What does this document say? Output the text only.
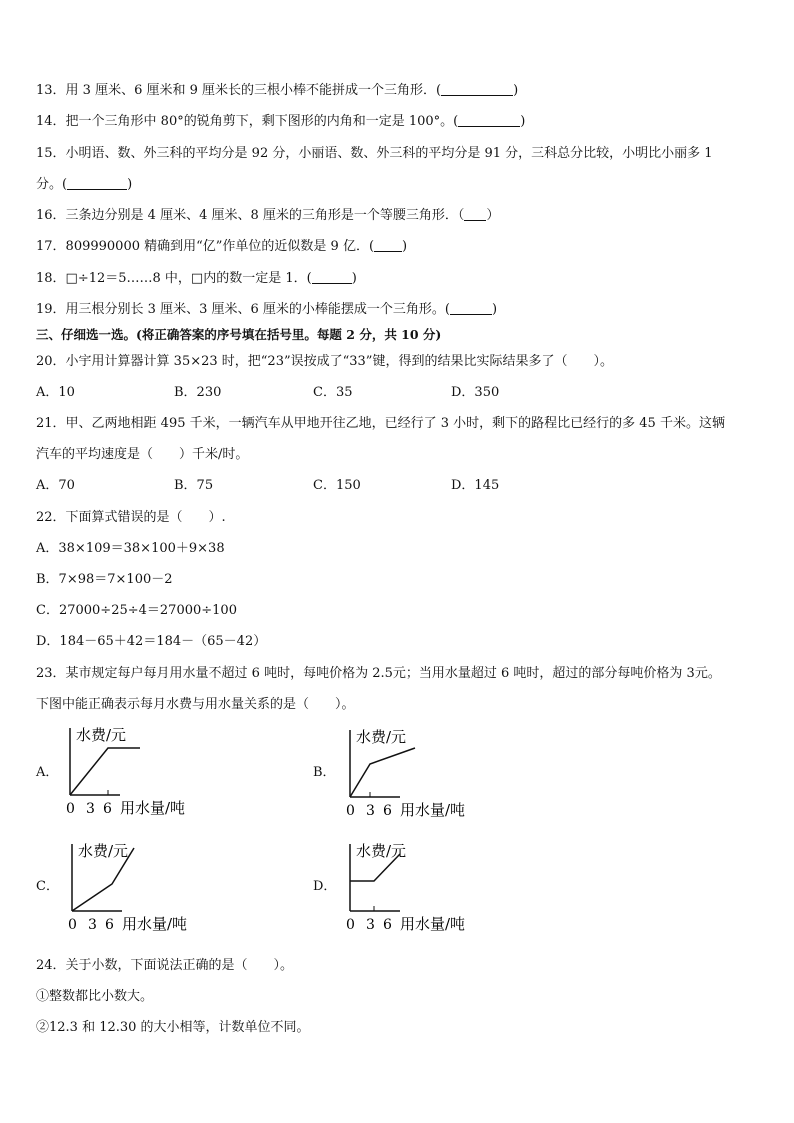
13．用 3 厘米、6 厘米和 9 厘米长的三根小棒不能拼成一个三角形．(	)
14．把一个三角形中 80°的锐角剪下，剩下图形的内角和一定是 100°。(	)
15．小明语、数、外三科的平均分是 92 分，小丽语、数、外三科的平均分是 91 分，三科总分比较，小明比小丽多 1
分。(	)
16．三条边分别是 4 厘米、4 厘米、8 厘米的三角形是一个等腰三角形．（ ）
17．809990000 精确到用“亿”作单位的近似数是 9 亿．( )
18．□÷12＝5……8 中，□内的数一定是 1．(	)
19．用三根分别长 3 厘米、3 厘米、6 厘米的小棒能摆成一个三角形。(	)
三、仔细选一选。(将正确答案的序号填在括号里。每题 2 分，共 10 分)
20．小宇用计算器计算 35×23 时，把“23”误按成了“33”键，得到的结果比实际结果多了（　　）。
A．10	B．230	C．35	D．350
21．甲、乙两地相距 495 千米，一辆汽车从甲地开往乙地，已经行了 3 小时，剩下的路程比已经行的多 45 千米。这辆
汽车的平均速度是（　　）千米/时。
A．70	B．75	C．150	D．145
22．下面算式错误的是（　　）.
A．38×109＝38×100＋9×38
B．7×98＝7×100－2
C．27000÷25÷4＝27000÷100
D．184－65＋42＝184－（65－42）
23．某市规定每户每月用水量不超过 6 吨时，每吨价格为 2.5元；当用水量超过 6 吨时，超过的部分每吨价格为 3元。
下图中能正确表示每月水费与用水量关系的是（　　）。
A．
水费/元
0 3 6 用水量/吨
B．
水费/元
0 3 6 用水量/吨
C．
水费/元
0 3 6 用水量/吨
D．
水费/元
0 3 6 用水量/吨
24．关于小数，下面说法正确的是（　　）。
①整数都比小数大。
②12.3 和 12.30 的大小相等，计数单位不同。
